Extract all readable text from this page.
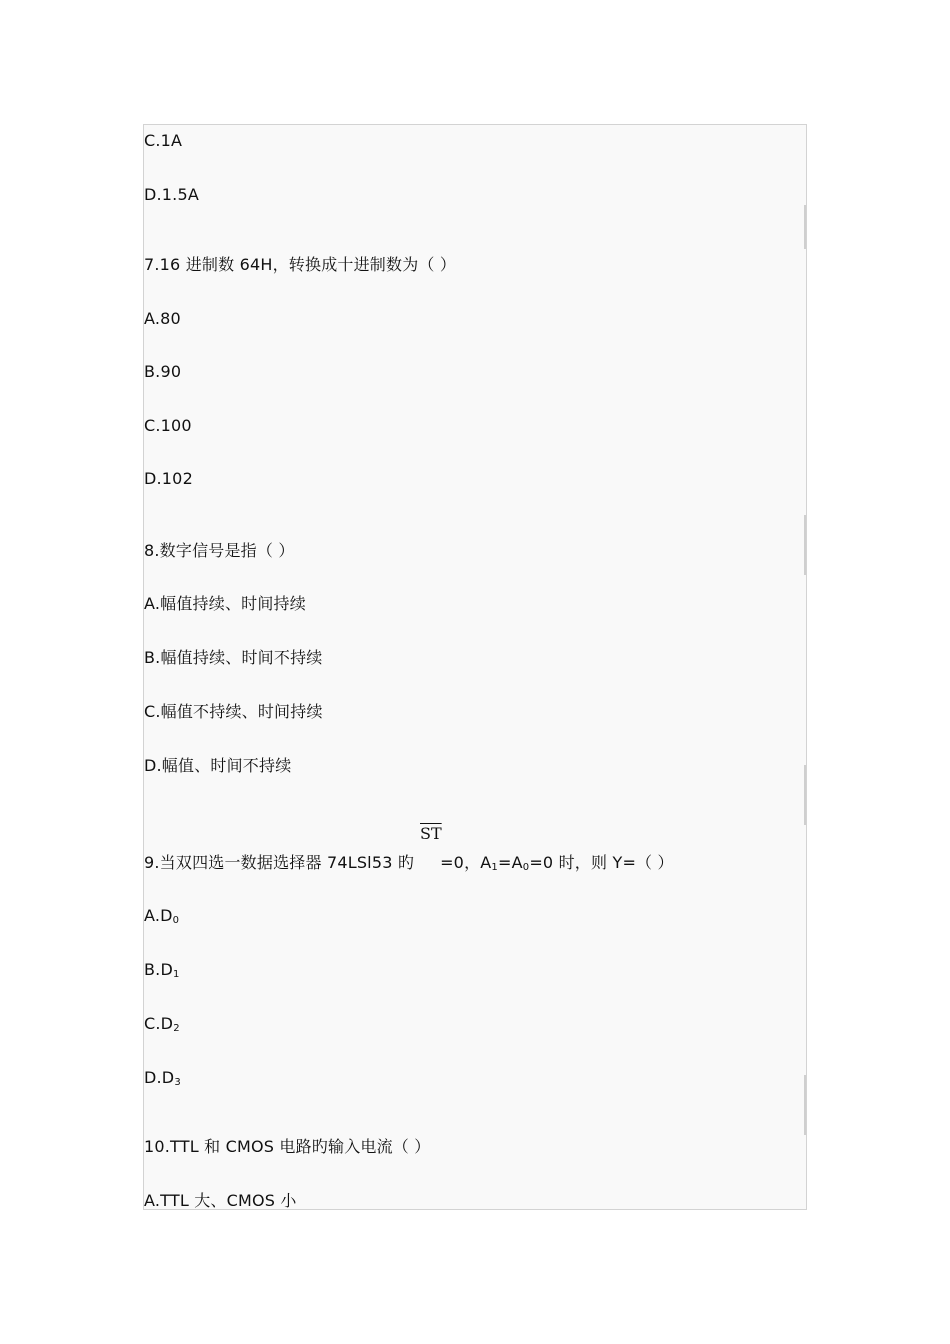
C.1A
D.1.5A
7.16 进制数 64H，转换成十进制数为（ ）
A.80
B.90
C.100
D.102
8.数字信号是指（ ）
A.幅值持续、时间持续
B.幅值持续、时间不持续
C.幅值不持续、时间持续
D.幅值、时间不持续
$\overline{ST}$
9.当双四选一数据选择器 74LSl53 旳 =0，$A_1=A_0=0$ 时，则 Y=（ ）
$A.D_0$
$B.D_1$
$C.D_2$
$D.D_3$
10.TTL 和 CMOS 电路旳输入电流（ ）
A.TTL 大、CMOS 小
